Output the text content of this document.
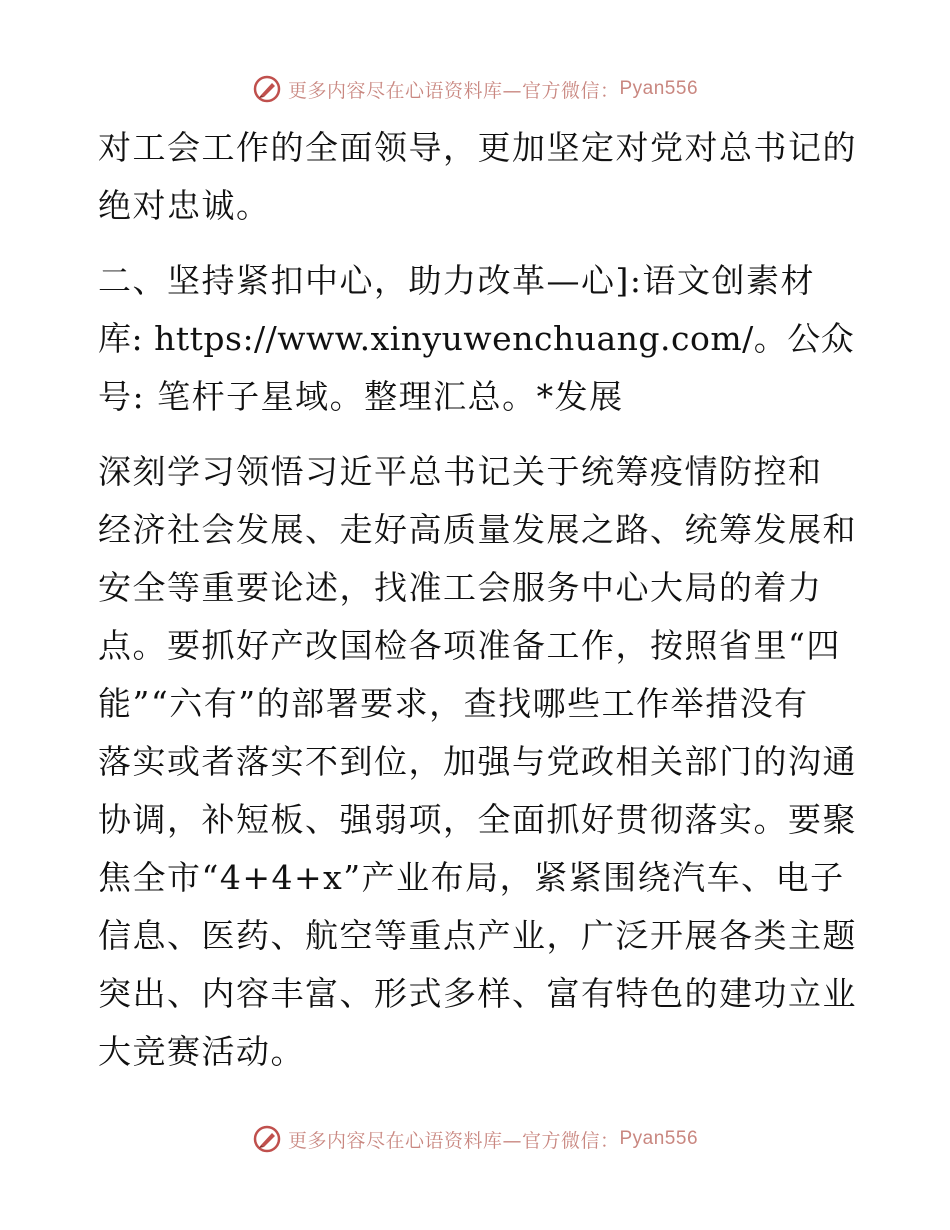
更多内容尽在心语资料库—官方微信： Pyan556
对工会工作的全面领导，更加坚定对党对总书记的
绝对忠诚。
二、坚持紧扣中心，助力改革—心]:语文创素材
库: https://www.xinyuwenchuang.com/。公众
号: 笔杆子星域。整理汇总。*发展
深刻学习领悟习近平总书记关于统筹疫情防控和
经济社会发展、走好高质量发展之路、统筹发展和
安全等重要论述，找准工会服务中心大局的着力
点。要抓好产改国检各项准备工作，按照省里“四
能”“六有”的部署要求，查找哪些工作举措没有
落实或者落实不到位，加强与党政相关部门的沟通
协调，补短板、强弱项，全面抓好贯彻落实。要聚
焦全市“4+4+x”产业布局，紧紧围绕汽车、电子
信息、医药、航空等重点产业，广泛开展各类主题
突出、内容丰富、形式多样、富有特色的建功立业
大竞赛活动。
更多内容尽在心语资料库—官方微信： Pyan556
